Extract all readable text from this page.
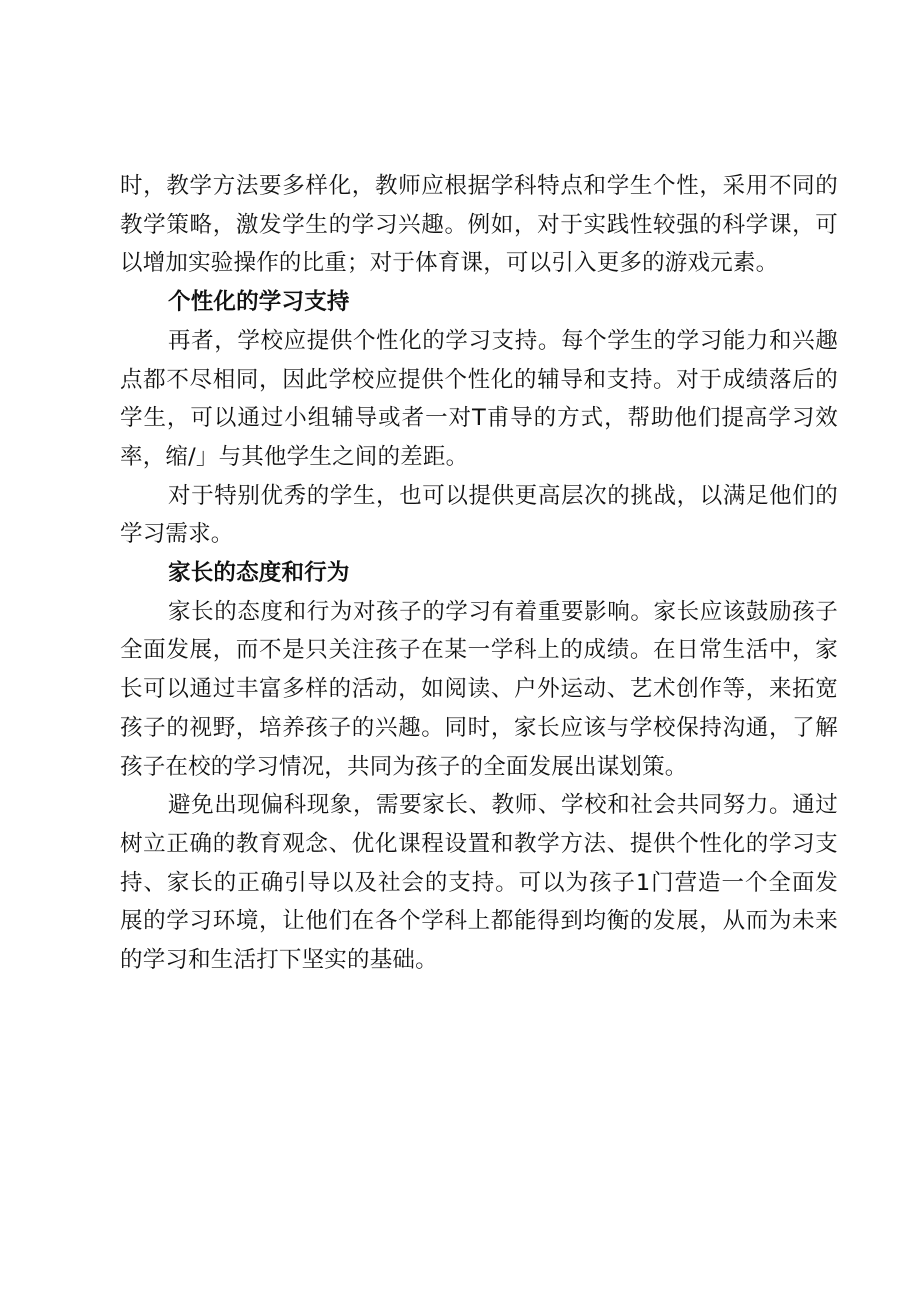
时，教学方法要多样化，教师应根据学科特点和学生个性，采用不同的教学策略，激发学生的学习兴趣。例如，对于实践性较强的科学课，可以增加实验操作的比重；对于体育课，可以引入更多的游戏元素。

个性化的学习支持

再者，学校应提供个性化的学习支持。每个学生的学习能力和兴趣点都不尽相同，因此学校应提供个性化的辅导和支持。对于成绩落后的学生，可以通过小组辅导或者一对T甫导的方式，帮助他们提高学习效率，缩/」与其他学生之间的差距。

对于特别优秀的学生，也可以提供更高层次的挑战，以满足他们的学习需求。

家长的态度和行为

家长的态度和行为对孩子的学习有着重要影响。家长应该鼓励孩子全面发展，而不是只关注孩子在某一学科上的成绩。在日常生活中，家长可以通过丰富多样的活动，如阅读、户外运动、艺术创作等，来拓宽孩子的视野，培养孩子的兴趣。同时，家长应该与学校保持沟通，了解孩子在校的学习情况，共同为孩子的全面发展出谋划策。

避免出现偏科现象，需要家长、教师、学校和社会共同努力。通过树立正确的教育观念、优化课程设置和教学方法、提供个性化的学习支持、家长的正确引导以及社会的支持。可以为孩子1门营造一个全面发展的学习环境，让他们在各个学科上都能得到均衡的发展，从而为未来的学习和生活打下坚实的基础。
